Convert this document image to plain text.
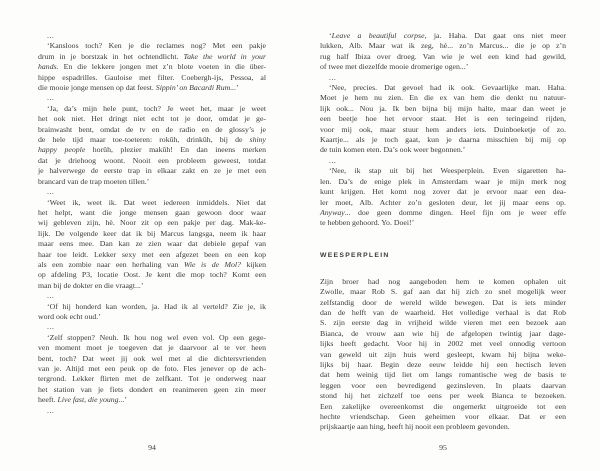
...
‘Kansloos toch? Ken je die reclames nog? Met een pakje
drum in je borstzak in het ochtendlicht. Take the world in your
hands. En die lekkere jongen met z’n blote voeten in die über-
hippe espadrilles. Gauloise met filter. Coebergh-ijs, Pessoa, al
die mooie jonge mensen op dat feest. Sippin’ on Bacardi Rum...’
...
‘Ja, da’s mijn hele punt, toch? Je weet het, maar je weet
het ook niet. Het dringt niet echt tot je door, omdat je ge-
brainwasht bent, omdat de tv en de radio en de glossy’s je
de hele tijd maar toe-toeteren: rokûh, drinkûh, bij de shiny
happy people horûh, plezier makûh! En dan ineens merken
dat je driehoog woont. Nooit een probleem geweest, totdat
je halverwege de eerste trap in elkaar zakt en ze je met een
brancard van de trap moeten tillen.’
...
‘Weet ik, weet ik. Dat weet iedereen inmiddels. Niet dat
het helpt, want die jonge mensen gaan gewoon door waar
wij gebleven zijn, hè. Noor zit op een pakje per dag. Mak-ke-
lijk. De volgende keer dat ik bij Marcus langsga, neem ik haar
maar eens mee. Dan kan ze zien waar dat debiele gepaf van
haar toe leidt. Lekker sexy met een afgezet been en een kop
als een zombie naar een herhaling van Wie is de Mol? kijken
op afdeling P3, locatie Oost. Je kent die mop toch? Komt een
man bij de dokter en die vraagt...’
...
‘Of hij honderd kan worden, ja. Had ik al verteld? Zie je, ik
word ook echt oud.’
...
‘Zelf stoppen? Neuh. Ik hou nog wel even vol. Op een gege-
ven moment moet je toegeven dat je daarvoor al te ver heen
bent, toch? Dat weet jij ook wel met al die dichtersvrienden
van je. Altijd met een peuk op de foto. Fles jenever op de ach-
tergrond. Lekker flirten met de zelfkant. Tot je onderweg naar
het station van je fiets dondert en reanimeren geen zin meer
heeft. Live fast, die young...’
...
94
‘Leave a beautiful corpse, ja. Haha. Dat gaat ons niet meer
lukken, Alb. Maar wat ik zeg, hè... zo’n Marcus... die je op z’n
rug half Ibiza over droeg. Van wie je wel een kind had gewild,
of twee met diezelfde mooie dromerige ogen...’
...
‘Nee, precies. Dat gevoel had ik ook. Gevaarlijke man. Haha.
Moet je hem nu zien. En die ex van hem die denkt nu natuur-
lijk ook... Nou ja. Ik ben bijna bij mijn halte, maar dan weet je
een beetje hoe het ervoor staat. Het is een teringeind rijden,
voor mij ook, maar stuur hem anders iets. Duinboeketje of zo.
Kaartje... als je toch gaat, kun je daarna misschien bij mij op
de tuin komen eten. Da’s ook weer begonnen.’
...
‘Nee, ik stap uit bij het Weesperplein. Even sigaretten ha-
len. Da’s de enige plek in Amsterdam waar je mijn merk nog
kunt krijgen. Het komt nog zover dat je ervoor naar een dea-
ler moet, Alb. Achter zo’n gesloten deur, let jij maar eens op.
Anyway... doe geen domme dingen. Heel fijn om je weer effe
te hebben gehoord. Yo. Doei!’
WEESPERPLEIN
Zijn broer had nog aangeboden hem te komen ophalen uit
Zwolle, maar Rob S. gaf aan dat hij zich zo snel mogelijk weer
zelfstandig door de wereld wilde bewegen. Dat is iets minder
dan de helft van de waarheid. Het volledige verhaal is dat Rob
S. zijn eerste dag in vrijheid wilde vieren met een bezoek aan
Bianca, de vrouw aan wie hij de afgelopen twintig jaar dage-
lijks heeft gedacht. Voor hij in 2002 met veel onnodig vertoon
van geweld uit zijn huis werd gesleept, kwam hij bijna weke-
lijks bij haar. Begin deze eeuw leidde hij een hectisch leven
dat hem weinig tijd liet om langs romantische weg de basis te
leggen voor een bevredigend gezinsleven. In plaats daarvan
stond hij het zichzelf toe eens per week Bianca te bezoeken.
Een zakelijke overeenkomst die ongemerkt uitgroeide tot een
hechte vriendschap. Geen geheimen voor elkaar. Dat er een
prijskaartje aan hing, heeft hij nooit een probleem gevonden.
95
